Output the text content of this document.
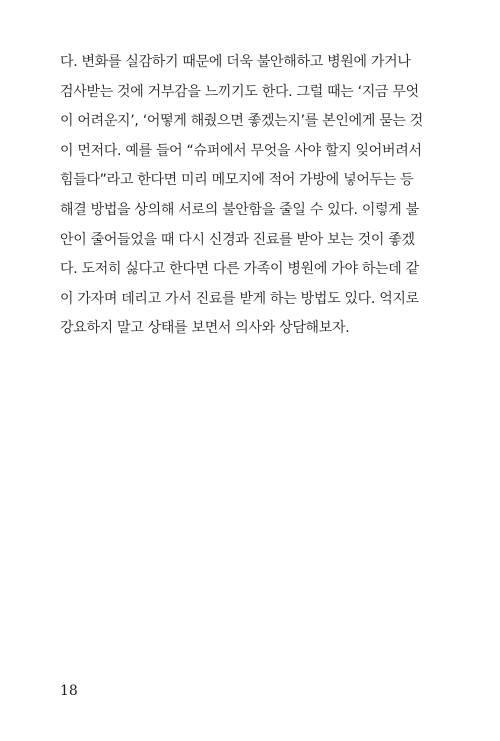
다. 변화를 실감하기 때문에 더욱 불안해하고 병원에 가거나
검사받는 것에 거부감을 느끼기도 한다. 그럴 때는 ‘지금 무엇
이 어려운지’, ‘어떻게 해줬으면 좋겠는지’를 본인에게 묻는 것
이 먼저다. 예를 들어 “슈퍼에서 무엇을 사야 할지 잊어버려서
힘들다”라고 한다면 미리 메모지에 적어 가방에 넣어두는 등
해결 방법을 상의해 서로의 불안함을 줄일 수 있다. 이렇게 불
안이 줄어들었을 때 다시 신경과 진료를 받아 보는 것이 좋겠
다. 도저히 싫다고 한다면 다른 가족이 병원에 가야 하는데 같
이 가자며 데리고 가서 진료를 받게 하는 방법도 있다. 억지로
강요하지 말고 상태를 보면서 의사와 상담해보자.
18
